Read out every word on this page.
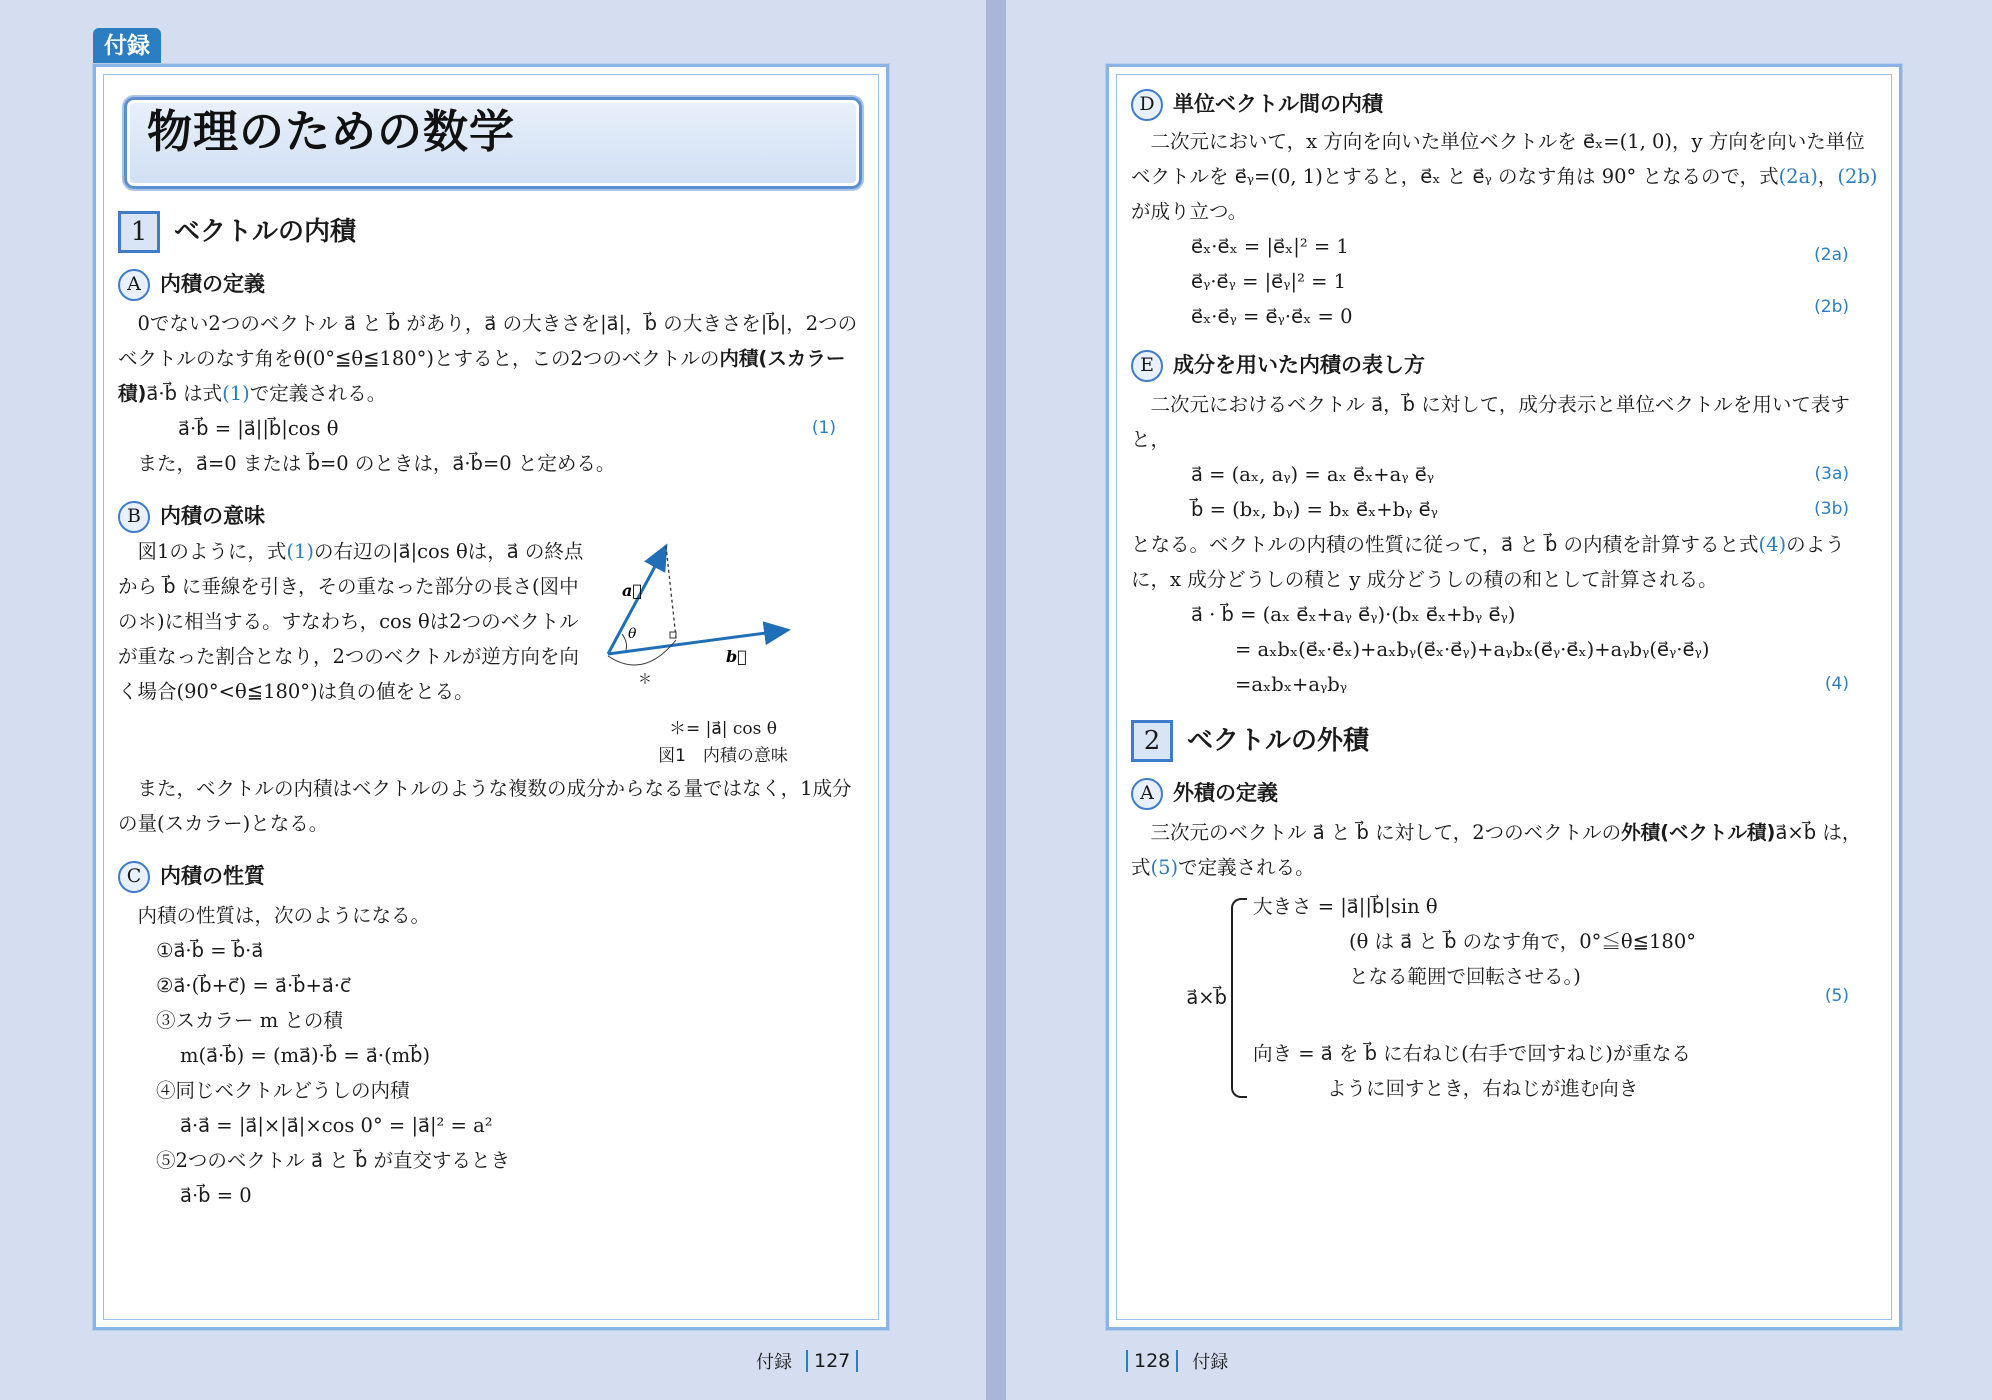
付録
物理のための数学
1	ベクトルの内積
A 内積の定義

0でない2つのベクトル a⃗ と b⃗ があり，a⃗ の大きさを|a⃗|，b⃗ の大きさを|b⃗|，2つのベクトルのなす角をθ(0°≦θ≦180°)とすると，この2つのベクトルの内積(スカラー積)a⃗·b⃗ は式(1)で定義される。

a⃗·b⃗ = |a⃗||b⃗|cos θ	(1)

また，a⃗=0 または b⃗=0 のときは，a⃗·b⃗=0 と定める。

B 内積の意味

図1のように，式(1)の右辺の|a⃗|cos θは，a⃗ の終点から b⃗ に垂線を引き，その重なった部分の長さ(図中の＊)に相当する。すなわち，cos θは2つのベクトルが重なった割合となり，2つのベクトルが逆方向を向く場合(90°<θ≦180°)は負の値をとる。

a⃗
b⃗
θ
＊
＊= |a⃗| cos θ
図1　内積の意味

また，ベクトルの内積はベクトルのような複数の成分からなる量ではなく，1成分の量(スカラー)となる。

C 内積の性質

内積の性質は，次のようになる。

①a⃗·b⃗ = b⃗·a⃗
②a⃗·(b⃗+c⃗) = a⃗·b⃗+a⃗·c⃗
③スカラー m との積
m(a⃗·b⃗) = (ma⃗)·b⃗ = a⃗·(mb⃗)
④同じベクトルどうしの内積
a⃗·a⃗ = |a⃗|×|a⃗|×cos 0° = |a⃗|² = a²
⑤2つのベクトル a⃗ と b⃗ が直交するとき
a⃗·b⃗ = 0
付録	127
D 単位ベクトル間の内積

二次元において，x 方向を向いた単位ベクトルを e⃗ₓ=(1, 0)，y 方向を向いた単位ベクトルを e⃗ᵧ=(0, 1)とすると，e⃗ₓ と e⃗ᵧ のなす角は 90° となるので，式(2a)，(2b)が成り立つ。

e⃗ₓ·e⃗ₓ = |e⃗ₓ|² = 1
e⃗ᵧ·e⃗ᵧ = |e⃗ᵧ|² = 1
e⃗ₓ·e⃗ᵧ = e⃗ᵧ·e⃗ₓ = 0
(2a)
(2b)
E 成分を用いた内積の表し方

二次元におけるベクトル a⃗，b⃗ に対して，成分表示と単位ベクトルを用いて表すと，

a⃗ = (aₓ, aᵧ) = aₓ e⃗ₓ+aᵧ e⃗ᵧ	(3a)
b⃗ = (bₓ, bᵧ) = bₓ e⃗ₓ+bᵧ e⃗ᵧ	(3b)

となる。ベクトルの内積の性質に従って，a⃗ と b⃗ の内積を計算すると式(4)のように，x 成分どうしの積と y 成分どうしの積の和として計算される。

a⃗ · b⃗ = (aₓ e⃗ₓ+aᵧ e⃗ᵧ)·(bₓ e⃗ₓ+bᵧ e⃗ᵧ)
= aₓbₓ(e⃗ₓ·e⃗ₓ)+aₓbᵧ(e⃗ₓ·e⃗ᵧ)+aᵧbₓ(e⃗ᵧ·e⃗ₓ)+aᵧbᵧ(e⃗ᵧ·e⃗ᵧ)
=aₓbₓ+aᵧbᵧ	(4)
2	ベクトルの外積
A 外積の定義

三次元のベクトル a⃗ と b⃗ に対して，2つのベクトルの外積(ベクトル積)a⃗×b⃗ は，式(5)で定義される。

a⃗×b⃗
大きさ = |a⃗||b⃗|sin θ
(θ は a⃗ と b⃗ のなす角で，0°≦θ≦180°
となる範囲で回転させる。)
(5)
向き = a⃗ を b⃗ に右ねじ(右手で回すねじ)が重なる
ように回すとき，右ねじが進む向き
128	付録
